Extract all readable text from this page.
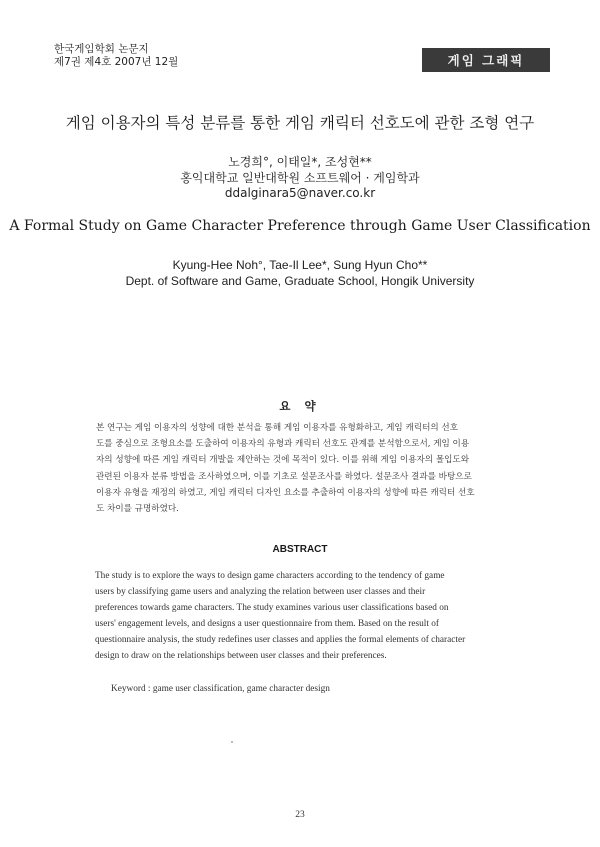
한국게임학회 논문지
제7권 제4호 2007년 12월	게임 그래픽
게임 이용자의 특성 분류를 통한 게임 캐릭터 선호도에 관한 조형 연구
노경희°, 이태일*, 조성현**
홍익대학교 일반대학원 소프트웨어 · 게임학과
ddalginara5@naver.co.kr
A Formal Study on Game Character Preference through Game User Classification
Kyung-Hee Noh°, Tae-Il Lee*, Sung Hyun Cho**
Dept. of Software and Game, Graduate School, Hongik University
요 약
본 연구는 게임 이용자의 성향에 대한 분석을 통해 게임 이용자를 유형화하고, 게임 캐릭터의 선호
도를 중심으로 조형요소를 도출하여 이용자의 유형과 캐릭터 선호도 관계를 분석함으로서, 게임 이용
자의 성향에 따른 게임 캐릭터 개발을 제안하는 것에 목적이 있다. 이를 위해 게임 이용자의 몰입도와
관련된 이용자 분류 방법을 조사하였으며, 이를 기초로 설문조사를 하였다. 설문조사 결과를 바탕으로
이용자 유형을 재정의 하였고, 게임 캐릭터 디자인 요소를 추출하여 이용자의 성향에 따른 캐릭터 선호
도 차이를 규명하였다.
ABSTRACT
The study is to explore the ways to design game characters according to the tendency of game
users by classifying game users and analyzing the relation between user classes and their
preferences towards game characters. The study examines various user classifications based on
users' engagement levels, and designs a user questionnaire from them. Based on the result of
questionnaire analysis, the study redefines user classes and applies the formal elements of character
design to draw on the relationships between user classes and their preferences.
Keyword : game user classification, game character design
23
